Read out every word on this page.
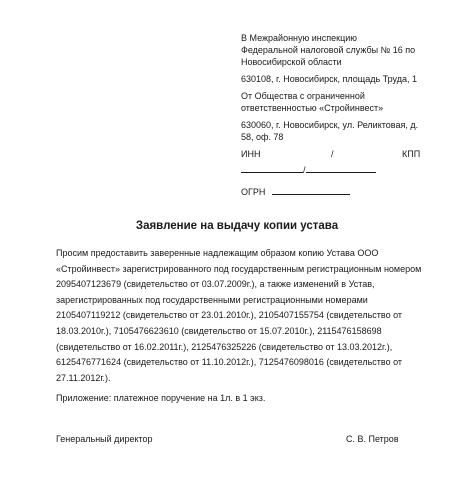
В Межрайонную инспекцию
Федеральной налоговой службы № 16 по
Новосибирской области
630108, г. Новосибирск, площадь Труда, 1
От Общества с ограниченной
ответственностью «Стройинвест»
630060, г. Новосибирск, ул. Реликтовая, д.
58, оф. 78
ИНН	/	КПП
/
ОГРН
Заявление на выдачу копии устава

Просим предоставить заверенные надлежащим образом копию Устава ООО

«Стройинвест» зарегистрированного под государственным регистрационным номером

2095407123679 (свидетельство от 03.07.2009г.), а также изменений в Устав,

зарегистрированных под государственными регистрационными номерами

2105407119212 (свидетельство от 23.01.2010г.), 2105407155754 (свидетельство от

18.03.2010г.), 7105476623610 (свидетельство от 15.07.2010г.), 2115476158698

(свидетельство от 16.02.2011г.), 2125476325226 (свидетельство от 13.03.2012г.),

6125476771624 (свидетельство от 11.10.2012г.), 7125476098016 (свидетельство от

27.11.2012г.).

Приложение: платежное поручение на 1л. в 1 экз.
Генеральный директор	С. В. Петров
